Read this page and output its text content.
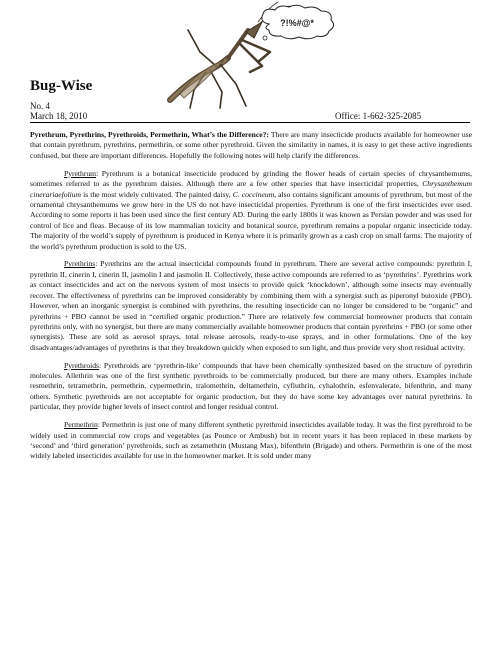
?!%#@*
Bug-Wise
No. 4
March 18, 2010	Office: 1-662-325-2085

Pyrethrum, Pyrethrins, Pyrethroids, Permethrin, What’s the Difference?: There are many insecticide products available for homeowner use that contain pyrethrum, pyrethrins, permethrin, or some other pyrethroid. Given the similarity in names, it is easy to get these active ingredients confused, but there are important differences. Hopefully the following notes will help clarify the differences.

Pyrethrum: Pyrethrum is a botanical insecticide produced by grinding the flower heads of certain species of chrysanthemums, sometimes referred to as the pyrethrum daisies. Although there are a few other species that have insecticidal properties, Chrysanthemum cinerariaefolium is the most widely cultivated. The painted daisy, C. coccineum, also contains significant amounts of pyrethrum, but most of the ornamental chrysanthemums we grow here in the US do not have insecticidal properties. Pyrethrum is one of the first insecticides ever used. According to some reports it has been used since the first century AD. During the early 1800s it was known as Persian powder and was used for control of lice and fleas. Because of its low mammalian toxicity and botanical source, pyrethrum remains a popular organic insecticide today. The majority of the world’s supply of pyrethrum is produced in Kenya where it is primarily grown as a cash crop on small farms. The majority of the world’s pyrethrum production is sold to the US.

Pyrethrins: Pyrethrins are the actual insecticidal compounds found in pyrethrum. There are several active compounds: pyrethrin I, pyrethrin II, cinerin I, cinerin II, jasmolin I and jasmolin II. Collectively, these active compounds are referred to as ‘pyrethrins’. Pyrethrins work as contact insecticides and act on the nervous system of most insects to provide quick ‘knockdown’, although some insects may eventually recover. The effectiveness of pyrethrins can be improved considerably by combining them with a synergist such as piperonyl butoxide (PBO). However, when an inorganic synergist is combined with pyrethrins, the resulting insecticide can no longer be considered to be “organic” and pyrethrins + PBO cannot be used in “certified organic production.” There are relatively few commercial homeowner products that contain pyrethrins only, with no synergist, but there are many commercially available homeowner products that contain pyrethrins + PBO (or some other synergists). These are sold as aerosol sprays, total release aerosols, ready-to-use sprays, and in other formulations. One of the key disadvantages/advantages of pyrethrins is that they breakdown quickly when exposed to sun light, and thus provide very short residual activity.

Pyrethroids: Pyrethroids are ‘pyrethrin-like’ compounds that have been chemically synthesized based on the structure of pyrethrin molecules. Allethrin was one of the first synthetic pyrethroids to be commercially produced, but there are many others. Examples include resmethrin, tetramethrin, permethrin, cypermethrin, tralomethrin, deltamethrin, cyfluthrin, cyhalothrin, esfenvalerate, bifenthrin, and many others. Synthetic pyrethroids are not acceptable for organic production, but they do have some key advantages over natural pyrethrins. In particular, they provide higher levels of insect control and longer residual control.

Permethrin: Permethrin is just one of many different synthetic pyrethroid insecticides available today. It was the first pyrethroid to be widely used in commercial row crops and vegetables (as Pounce or Ambush) but in recent years it has been replaced in these markets by ‘second’ and ‘third generation’ pyrethroids, such as zetamethrin (Mustang Max), bifenthrin (Brigade) and others. Permethrin is one of the most widely labeled insecticides available for use in the homeowner market. It is sold under many
